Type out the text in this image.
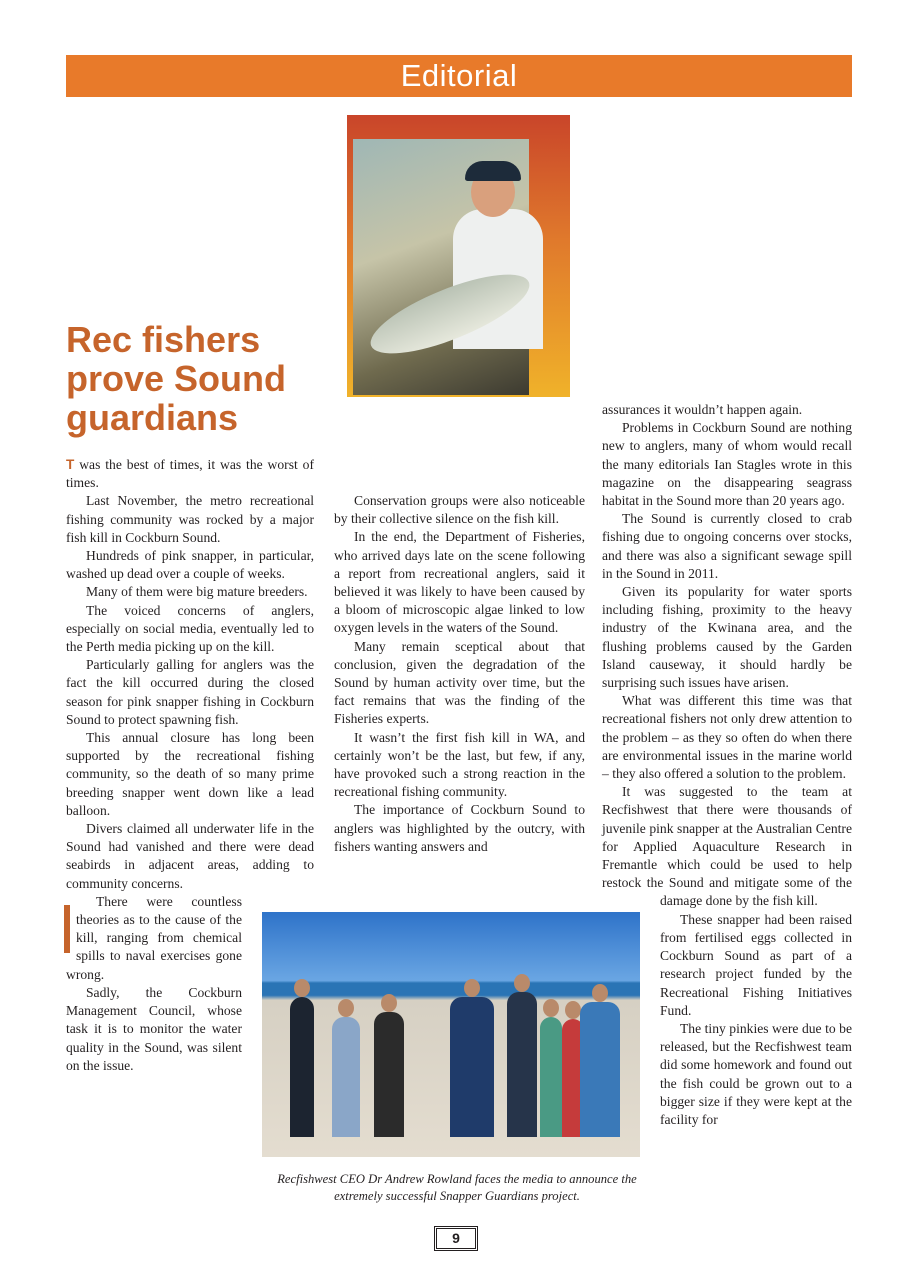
Editorial
Rec fishers prove Sound guardians

T was the best of times, it was the worst of times.

Last November, the metro recreational fishing community was rocked by a major fish kill in Cockburn Sound.

Hundreds of pink snapper, in particular, washed up dead over a couple of weeks.

Many of them were big mature breeders.

The voiced concerns of anglers, especially on social media, eventually led to the Perth media picking up on the kill.

Particularly galling for anglers was the fact the kill occurred during the closed season for pink snapper fishing in Cockburn Sound to protect spawning fish.

This annual closure has long been supported by the recreational fishing community, so the death of so many prime breeding snapper went down like a lead balloon.

Divers claimed all underwater life in the Sound had vanished and there were dead seabirds in adjacent areas, adding to community concerns.

There were countless theories as to the cause of the kill, ranging from chemical spills to naval exercises gone wrong.

Sadly, the Cockburn Management Council, whose task it is to monitor the water quality in the Sound, was silent on the issue.

Conservation groups were also noticeable by their collective silence on the fish kill.

In the end, the Department of Fisheries, who arrived days late on the scene following a report from recreational anglers, said it believed it was likely to have been caused by a bloom of microscopic algae linked to low oxygen levels in the waters of the Sound.

Many remain sceptical about that conclusion, given the degradation of the Sound by human activity over time, but the fact remains that was the finding of the Fisheries experts.

It wasn’t the first fish kill in WA, and certainly won’t be the last, but few, if any, have provoked such a strong reaction in the recreational fishing community.

The importance of Cockburn Sound to anglers was highlighted by the outcry, with fishers wanting answers and

assurances it wouldn’t happen again.

Problems in Cockburn Sound are nothing new to anglers, many of whom would recall the many editorials Ian Stagles wrote in this magazine on the disappearing seagrass habitat in the Sound more than 20 years ago.

The Sound is currently closed to crab fishing due to ongoing concerns over stocks, and there was also a significant sewage spill in the Sound in 2011.

Given its popularity for water sports including fishing, proximity to the heavy industry of the Kwinana area, and the flushing problems caused by the Garden Island causeway, it should hardly be surprising such issues have arisen.

What was different this time was that recreational fishers not only drew attention to the problem – as they so often do when there are environmental issues in the marine world – they also offered a solution to the problem.

It was suggested to the team at Recfishwest that there were thousands of juvenile pink snapper at the Australian Centre for Applied Aquaculture Research in Fremantle which could be used to help restock the Sound and mitigate some of the damage done by the fish kill.

These snapper had been raised from fertilised eggs collected in Cockburn Sound as part of a research project funded by the Recreational Fishing Initiatives Fund.

The tiny pinkies were due to be released, but the Recfishwest team did some homework and found out the fish could be grown out to a bigger size if they were kept at the facility for

Recfishwest CEO Dr Andrew Rowland faces the media to announce the extremely successful Snapper Guardians project.

9
